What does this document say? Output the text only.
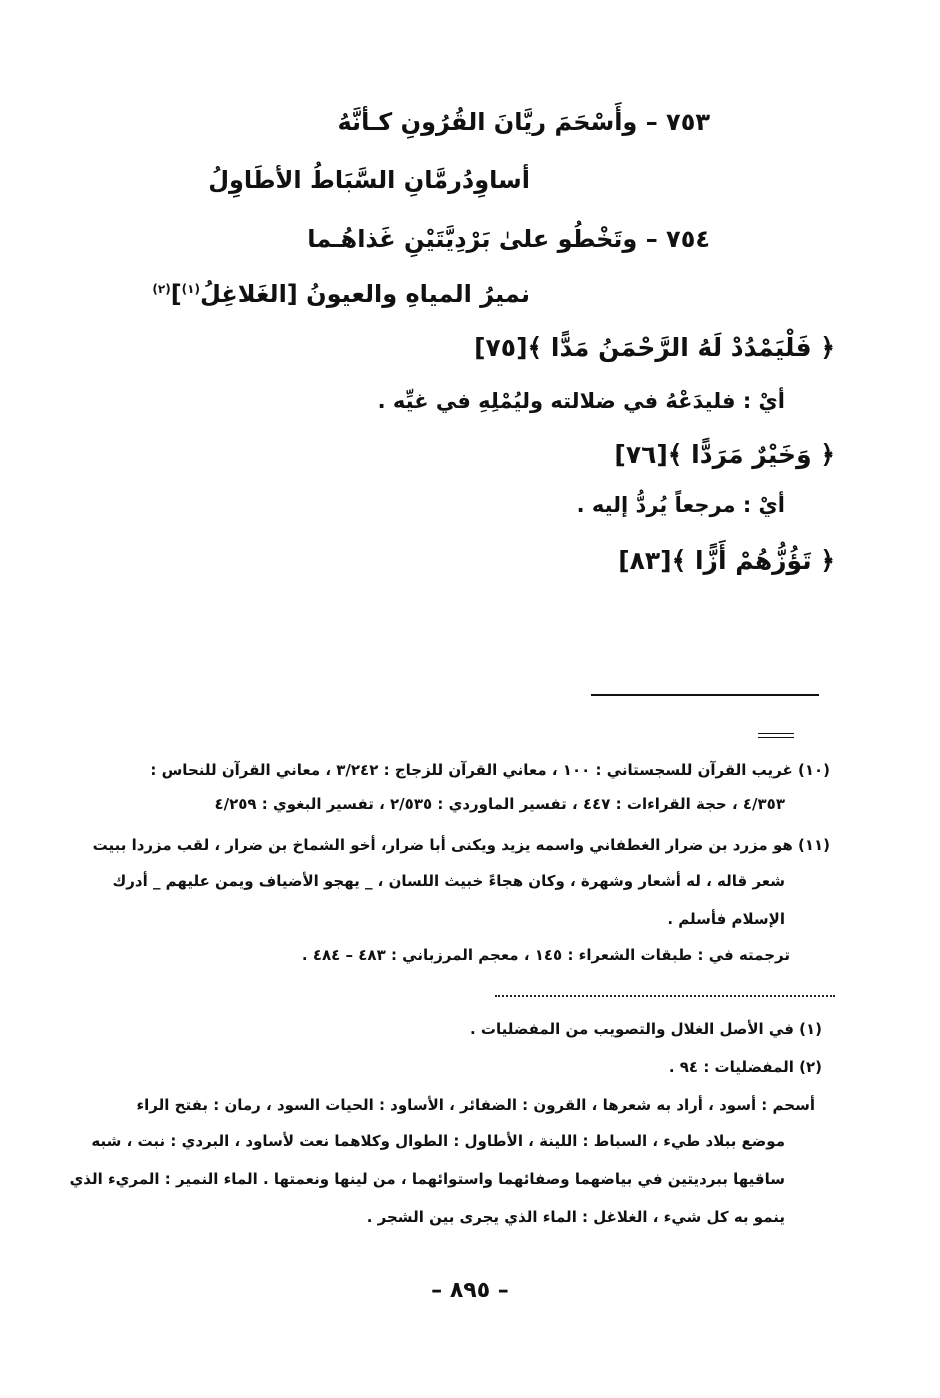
٧٥٣ – وأَسْحَمَ ريَّانَ القُرُونِ كـأنَّهُ
أساوِدُرمَّانِ السَّبَاطُ الأطَاوِلُ
٧٥٤ – وتَخْطُو علىٰ بَرْدِيَّتَيْنِ غَذاهُـما
نميرُ المياهِ والعيونُ [الغَلاغِلُ$^{(١)}$]$^{(٢)}$
﴿ فَلْيَمْدُدْ لَهُ الرَّحْمَنُ مَدًّا ﴾[٧٥]
أيْ : فليدَعْهُ في ضلالته وليُمْلِهِ في غيِّه .
﴿ وَخَيْرٌ مَرَدًّا ﴾[٧٦]
أيْ : مرجعاً يُردُّ إليه .
﴿ تَؤُزُّهُمْ أَزًّا ﴾[٨٣]
(١٠) غريب القرآن للسجستاني : ١٠٠ ، معاني القرآن للزجاج : ٣/٢٤٢ ، معاني القرآن للنحاس :
٤/٣٥٣ ، حجة القراءات : ٤٤٧ ، تفسير الماوردي : ٢/٥٣٥ ، تفسير البغوي : ٤/٢٥٩
(١١) هو مزرد بن ضرار الغطفاني واسمه يزيد ويكنى أبا ضرار، أخو الشماخ بن ضرار ، لقب مزردا ببيت
شعر قاله ، له أشعار وشهرة ، وكان هجاءً خبيث اللسان ، _ يهجو الأضياف ويمن عليهم _ أدرك
الإسلام فأسلم .
ترجمته في : طبقات الشعراء : ١٤٥ ، معجم المرزباني : ٤٨٣ – ٤٨٤ .
(١) في الأصل الغلال والتصويب من المفضليات .
(٢) المفضليات : ٩٤ .
أسحم : أسود ، أراد به شعرها ، القرون : الضفائر ، الأساود : الحيات السود ، رمان : بفتح الراء
موضع ببلاد طيء ، السباط : اللينة ، الأطاول : الطوال وكلاهما نعت لأساود ، البردي : نبت ، شبه
ساقيها ببرديتين في بياضهما وصفائهما واستوائهما ، من لينها ونعمتها . الماء النمير : المريء الذي
ينمو به كل شيء ، الغلاغل : الماء الذي يجرى بين الشجر .
– ٨٩٥ –
